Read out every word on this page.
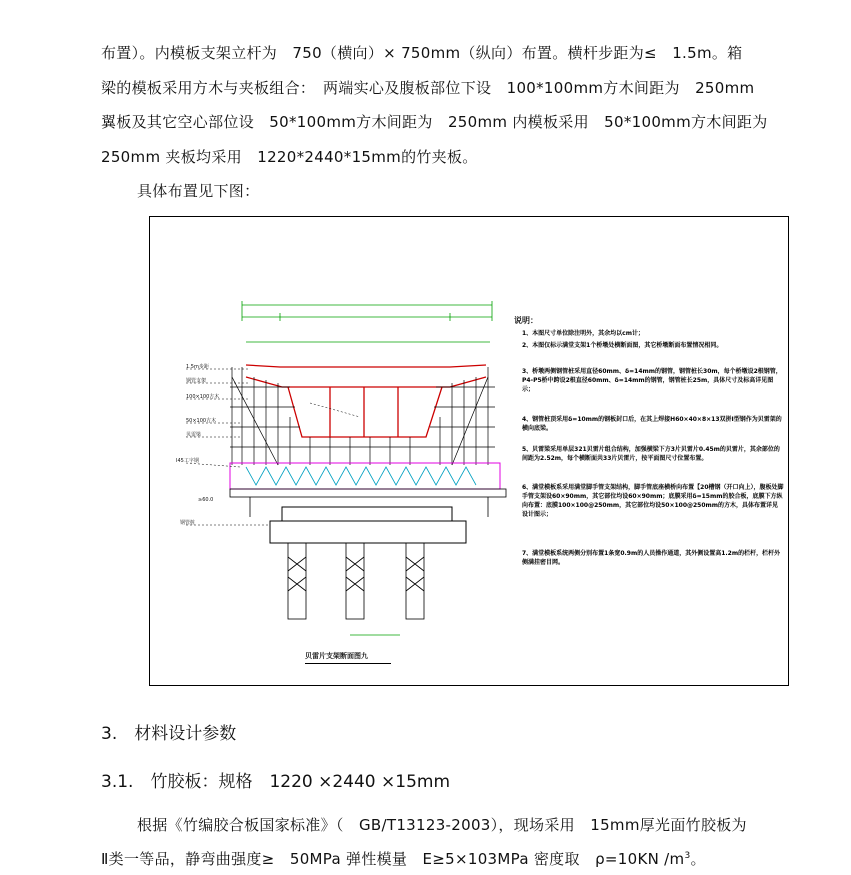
布置）。内模板支架立杆为　750（横向）× 750mm（纵向）布置。横杆步距为≤　1.5m。箱
梁的模板采用方木与夹板组合：　两端实心及腹板部位下设　100*100mm方木间距为　250mm
翼板及其它空心部位设　50*100mm方木间距为　250mm 内模板采用　50*100mm方木间距为
250mm 夹板均采用　1220*2440*15mm的竹夹板。
具体布置见下图：
1.5m步距
钢管支架
100×100方木
50×100方木
贝雷梁
I45工字钢
钢管桩
≥60.0
说明：
1、本图尺寸单位除注明外，其余均以cm计；
2、本图仅标示满堂支架1个桥墩处横断面图，其它桥墩断面布置情况相同。
3、桥墩两侧钢管桩采用直径60mm、δ=14mm的钢管，钢管桩长30m，每个桥墩设2根钢管，P4-P5桥中跨设2根直径60mm、δ=14mm的钢管，钢管桩长25m，具体尺寸及标高详见图示；
4、钢管桩顶采用δ=10mm的钢板封口后，在其上焊接H60×40×8×13双拼I型钢作为贝雷架的横向底梁。
5、贝雷梁采用单层321贝雷片组合结构，加强横梁下方3片贝雷片0.45m的贝雷片，其余部位的间距为2.52m，每个横断面共33片贝雷片，按平面图尺寸位置布置。
6、满堂模板系采用满堂脚手管支架结构，脚手管底座横桥向布置【20槽钢（开口向上），腹板处脚手管支架设60×90mm，其它部位均设60×90mm；底膜采用δ=15mm的胶合板，底膜下方纵向布置：底膜100×100@250mm，其它部位均设50×100@250mm的方木，具体布置详见设计图示；
7、满堂模板系统两侧分别布置1条宽0.9m的人员操作通道，其外侧设置高1.2m的栏杆，栏杆外侧满挂密目网。
贝雷片支架断面图九
3.　材料设计参数
3.1.　竹胶板：规格　1220 ×2440 ×15mm
根据《竹编胶合板国家标准》（　GB/T13123-2003），现场采用　15mm厚光面竹胶板为
Ⅱ类一等品，静弯曲强度≥　50MPa 弹性模量　E≥5×103MPa 密度取　ρ=10KN $/m^3$。
